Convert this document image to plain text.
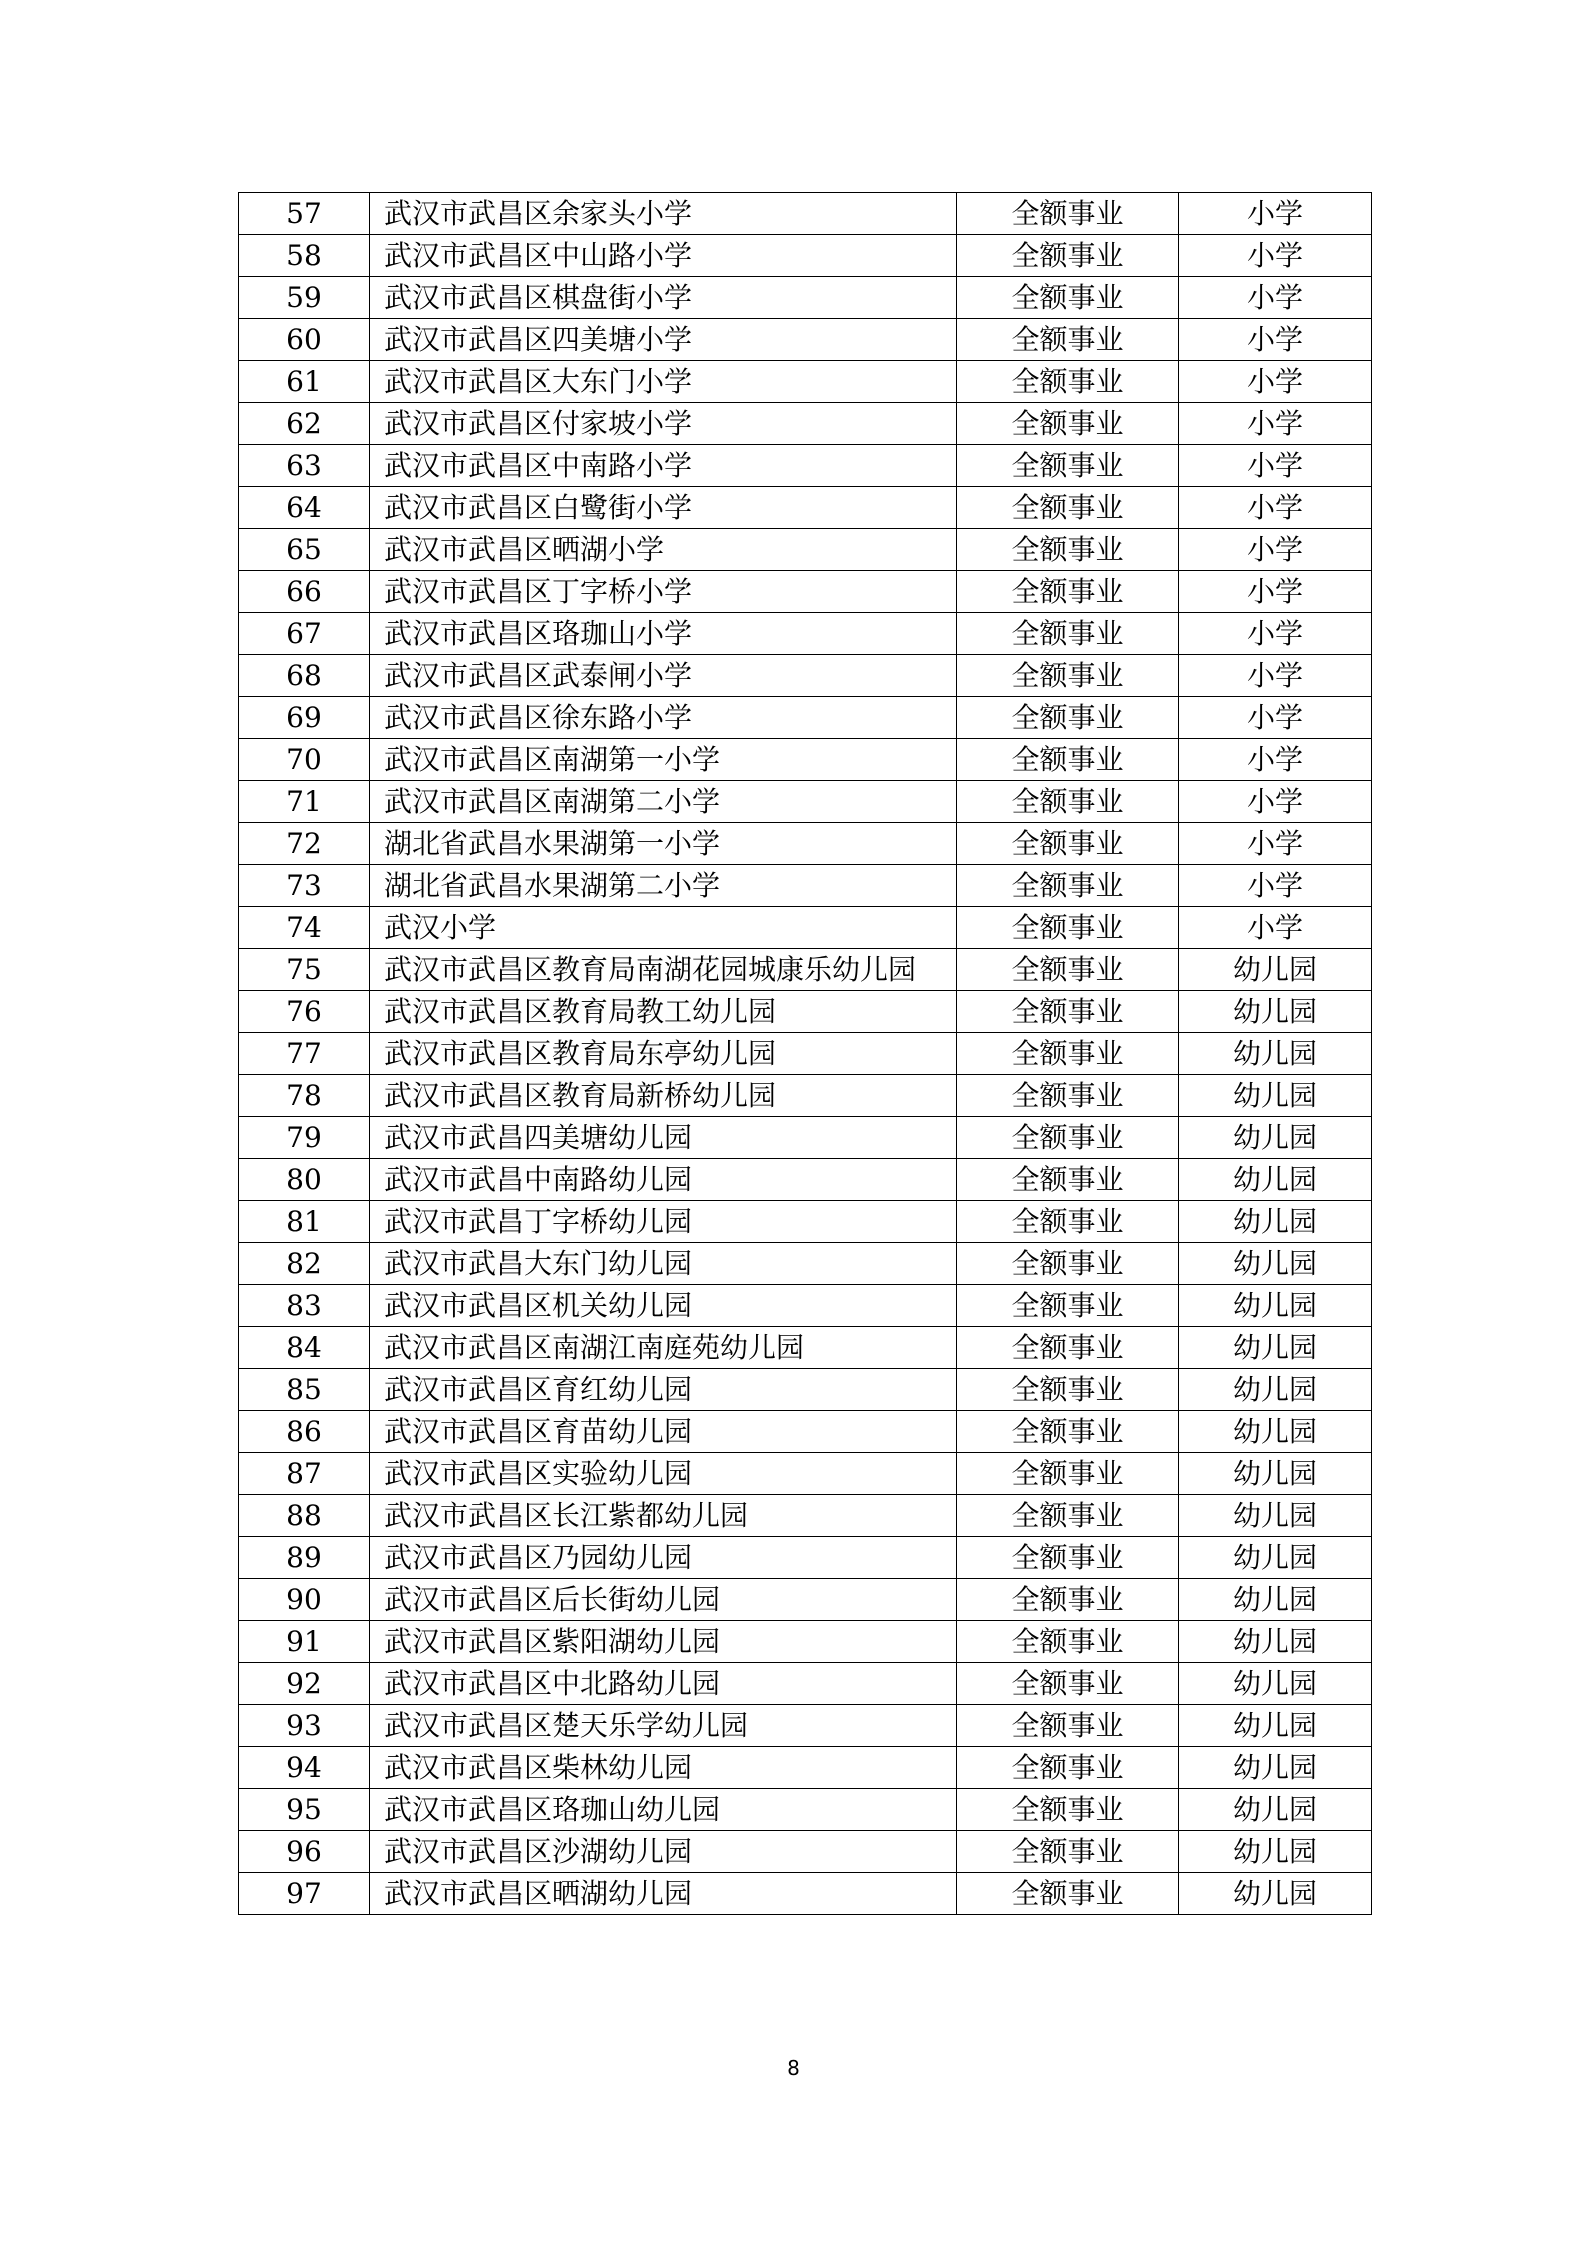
57	武汉市武昌区余家头小学	全额事业	小学
58	武汉市武昌区中山路小学	全额事业	小学
59	武汉市武昌区棋盘街小学	全额事业	小学
60	武汉市武昌区四美塘小学	全额事业	小学
61	武汉市武昌区大东门小学	全额事业	小学
62	武汉市武昌区付家坡小学	全额事业	小学
63	武汉市武昌区中南路小学	全额事业	小学
64	武汉市武昌区白鹭街小学	全额事业	小学
65	武汉市武昌区晒湖小学	全额事业	小学
66	武汉市武昌区丁字桥小学	全额事业	小学
67	武汉市武昌区珞珈山小学	全额事业	小学
68	武汉市武昌区武泰闸小学	全额事业	小学
69	武汉市武昌区徐东路小学	全额事业	小学
70	武汉市武昌区南湖第一小学	全额事业	小学
71	武汉市武昌区南湖第二小学	全额事业	小学
72	湖北省武昌水果湖第一小学	全额事业	小学
73	湖北省武昌水果湖第二小学	全额事业	小学
74	武汉小学	全额事业	小学
75	武汉市武昌区教育局南湖花园城康乐幼儿园	全额事业	幼儿园
76	武汉市武昌区教育局教工幼儿园	全额事业	幼儿园
77	武汉市武昌区教育局东亭幼儿园	全额事业	幼儿园
78	武汉市武昌区教育局新桥幼儿园	全额事业	幼儿园
79	武汉市武昌四美塘幼儿园	全额事业	幼儿园
80	武汉市武昌中南路幼儿园	全额事业	幼儿园
81	武汉市武昌丁字桥幼儿园	全额事业	幼儿园
82	武汉市武昌大东门幼儿园	全额事业	幼儿园
83	武汉市武昌区机关幼儿园	全额事业	幼儿园
84	武汉市武昌区南湖江南庭苑幼儿园	全额事业	幼儿园
85	武汉市武昌区育红幼儿园	全额事业	幼儿园
86	武汉市武昌区育苗幼儿园	全额事业	幼儿园
87	武汉市武昌区实验幼儿园	全额事业	幼儿园
88	武汉市武昌区长江紫都幼儿园	全额事业	幼儿园
89	武汉市武昌区乃园幼儿园	全额事业	幼儿园
90	武汉市武昌区后长街幼儿园	全额事业	幼儿园
91	武汉市武昌区紫阳湖幼儿园	全额事业	幼儿园
92	武汉市武昌区中北路幼儿园	全额事业	幼儿园
93	武汉市武昌区楚天乐学幼儿园	全额事业	幼儿园
94	武汉市武昌区柴林幼儿园	全额事业	幼儿园
95	武汉市武昌区珞珈山幼儿园	全额事业	幼儿园
96	武汉市武昌区沙湖幼儿园	全额事业	幼儿园
97	武汉市武昌区晒湖幼儿园	全额事业	幼儿园
8
